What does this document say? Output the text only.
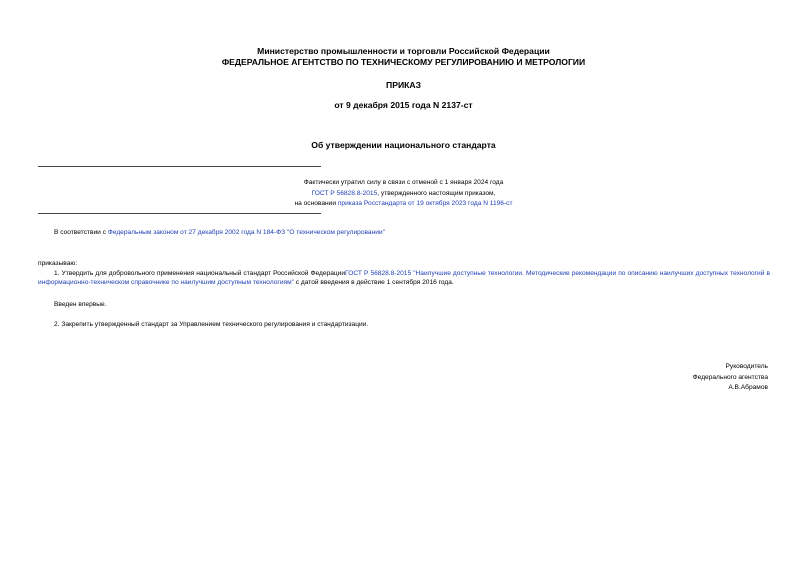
Министерство промышленности и торговли Российской Федерации
ФЕДЕРАЛЬНОЕ АГЕНТСТВО ПО ТЕХНИЧЕСКОМУ РЕГУЛИРОВАНИЮ И МЕТРОЛОГИИ
ПРИКАЗ
от 9 декабря 2015 года N 2137-ст
Об утверждении национального стандарта
Фактически утратил силу в связи с отменой с 1 января 2024 года
ГОСТ Р 56828.8-2015, утвержденного настоящим приказом,
на основании приказа Росстандарта от 19 октября 2023 года N 1196-ст
В соответствии с Федеральным законом от 27 декабря 2002 года N 184-ФЗ "О техническом регулировании"
приказываю:
1. Утвердить для добровольного применения национальный стандарт Российской ФедерацииГОСТ Р 56828.8-2015 "Наилучшие доступные технологии. Методические рекомендации по описанию наилучших доступных технологий в информационно-техническом справочнике по наилучшим доступным технологиям" с датой введения в действие 1 сентября 2016 года.
Введен впервые.
2. Закрепить утвержденный стандарт за Управлением технического регулирования и стандартизации.
Руководитель
Федерального агентства
А.В.Абрамов
